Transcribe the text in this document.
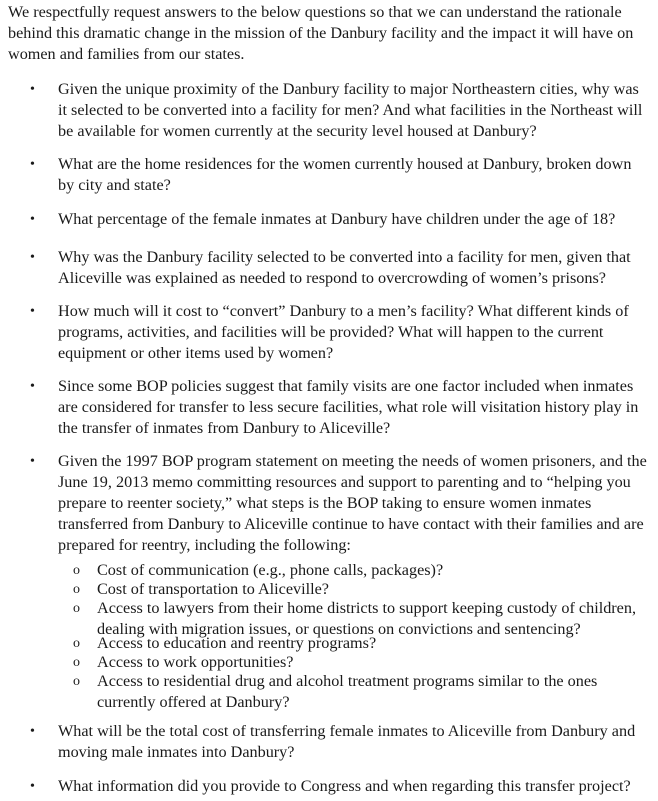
We respectfully request answers to the below questions so that we can understand the rationale behind this dramatic change in the mission of the Danbury facility and the impact it will have on women and families from our states.

• Given the unique proximity of the Danbury facility to major Northeastern cities, why was it selected to be converted into a facility for men? And what facilities in the Northeast will be available for women currently at the security level housed at Danbury?

• What are the home residences for the women currently housed at Danbury, broken down by city and state?

• What percentage of the female inmates at Danbury have children under the age of 18?

• Why was the Danbury facility selected to be converted into a facility for men, given that Aliceville was explained as needed to respond to overcrowding of women’s prisons?

• How much will it cost to “convert” Danbury to a men’s facility? What different kinds of programs, activities, and facilities will be provided? What will happen to the current equipment or other items used by women?

• Since some BOP policies suggest that family visits are one factor included when inmates are considered for transfer to less secure facilities, what role will visitation history play in the transfer of inmates from Danbury to Aliceville?

• Given the 1997 BOP program statement on meeting the needs of women prisoners, and the June 19, 2013 memo committing resources and support to parenting and to “helping you prepare to reenter society,” what steps is the BOP taking to ensure women inmates transferred from Danbury to Aliceville continue to have contact with their families and are prepared for reentry, including the following:

o Cost of communication (e.g., phone calls, packages)?

o Cost of transportation to Aliceville?

o Access to lawyers from their home districts to support keeping custody of children, dealing with migration issues, or questions on convictions and sentencing?

o Access to education and reentry programs?

o Access to work opportunities?

o Access to residential drug and alcohol treatment programs similar to the ones currently offered at Danbury?

• What will be the total cost of transferring female inmates to Aliceville from Danbury and moving male inmates into Danbury?

• What information did you provide to Congress and when regarding this transfer project?
